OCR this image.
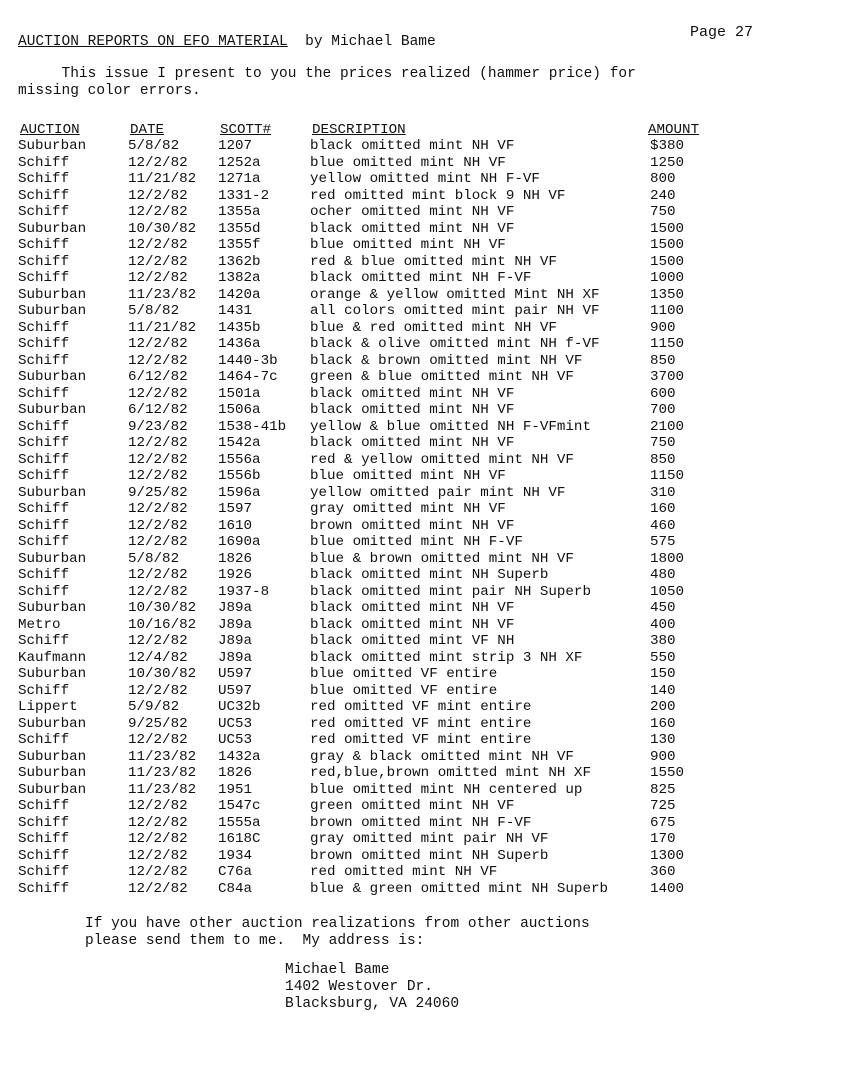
Page 27
AUCTION REPORTS ON EFO MATERIAL by Michael Bame
This issue I present to you the prices realized (hammer price) for
missing color errors.
AUCTION	DATE	SCOTT#	DESCRIPTION	AMOUNT
Suburban	5/8/82	1207	black omitted mint NH VF	$380
Schiff	12/2/82 1252a	blue omitted mint NH VF	1250
Schiff	11/21/82 1271a	yellow omitted mint NH F-VF	800
Schiff	12/2/82 1331-2	red omitted mint block 9 NH VF	240
Schiff	12/2/82 1355a	ocher omitted mint NH VF	750
Suburban	10/30/82 1355d	black omitted mint NH VF	1500
Schiff	12/2/82 1355f	blue omitted mint NH VF	1500
Schiff	12/2/82 1362b	red & blue omitted mint NH VF	1500
Schiff	12/2/82 1382a	black omitted mint NH F-VF	1000
Suburban	11/23/82 1420a	orange & yellow omitted Mint NH XF	1350
Suburban	5/8/82	1431	all colors omitted mint pair NH VF	1100
Schiff	11/21/82 1435b	blue & red omitted mint NH VF	900
Schiff	12/2/82 1436a	black & olive omitted mint NH f-VF	1150
Schiff	12/2/82 1440-3b black & brown omitted mint NH VF	850
Suburban	6/12/82 1464-7c green & blue omitted mint NH VF	3700
Schiff	12/2/82 1501a	black omitted mint NH VF	600
Suburban	6/12/82 1506a	black omitted mint NH VF	700
Schiff	9/23/82 1538-41b yellow & blue omitted NH F-VFmint	2100
Schiff	12/2/82 1542a	black omitted mint NH VF	750
Schiff	12/2/82 1556a	red & yellow omitted mint NH VF	850
Schiff	12/2/82 1556b	blue omitted mint NH VF	1150
Suburban	9/25/82 1596a	yellow omitted pair mint NH VF	310
Schiff	12/2/82 1597	gray omitted mint NH VF	160
Schiff	12/2/82 1610	brown omitted mint NH VF	460
Schiff	12/2/82 1690a	blue omitted mint NH F-VF	575
Suburban	5/8/82	1826	blue & brown omitted mint NH VF	1800
Schiff	12/2/82 1926	black omitted mint NH Superb	480
Schiff	12/2/82 1937-8	black omitted mint pair NH Superb	1050
Suburban	10/30/82 J89a	black omitted mint NH VF	450
Metro	10/16/82 J89a	black omitted mint NH VF	400
Schiff	12/2/82 J89a	black omitted mint VF NH	380
Kaufmann	12/4/82 J89a	black omitted mint strip 3 NH XF	550
Suburban	10/30/82 U597	blue omitted VF entire	150
Schiff	12/2/82 U597	blue omitted VF entire	140
Lippert	5/9/82	UC32b	red omitted VF mint entire	200
Suburban	9/25/82 UC53	red omitted VF mint entire	160
Schiff	12/2/82 UC53	red omitted VF mint entire	130
Suburban	11/23/82 1432a	gray & black omitted mint NH VF	900
Suburban	11/23/82 1826	red,blue,brown omitted mint NH XF	1550
Suburban	11/23/82 1951	blue omitted mint NH centered up	825
Schiff	12/2/82 1547c	green omitted mint NH VF	725
Schiff	12/2/82 1555a	brown omitted mint NH F-VF	675
Schiff	12/2/82 1618C	gray omitted mint pair NH VF	170
Schiff	12/2/82 1934	brown omitted mint NH Superb	1300
Schiff	12/2/82 C76a	red omitted mint NH VF	360
Schiff	12/2/82 C84a	blue & green omitted mint NH Superb	1400
If you have other auction realizations from other auctions
please send them to me.  My address is:
Michael Bame
1402 Westover Dr.
Blacksburg, VA 24060
